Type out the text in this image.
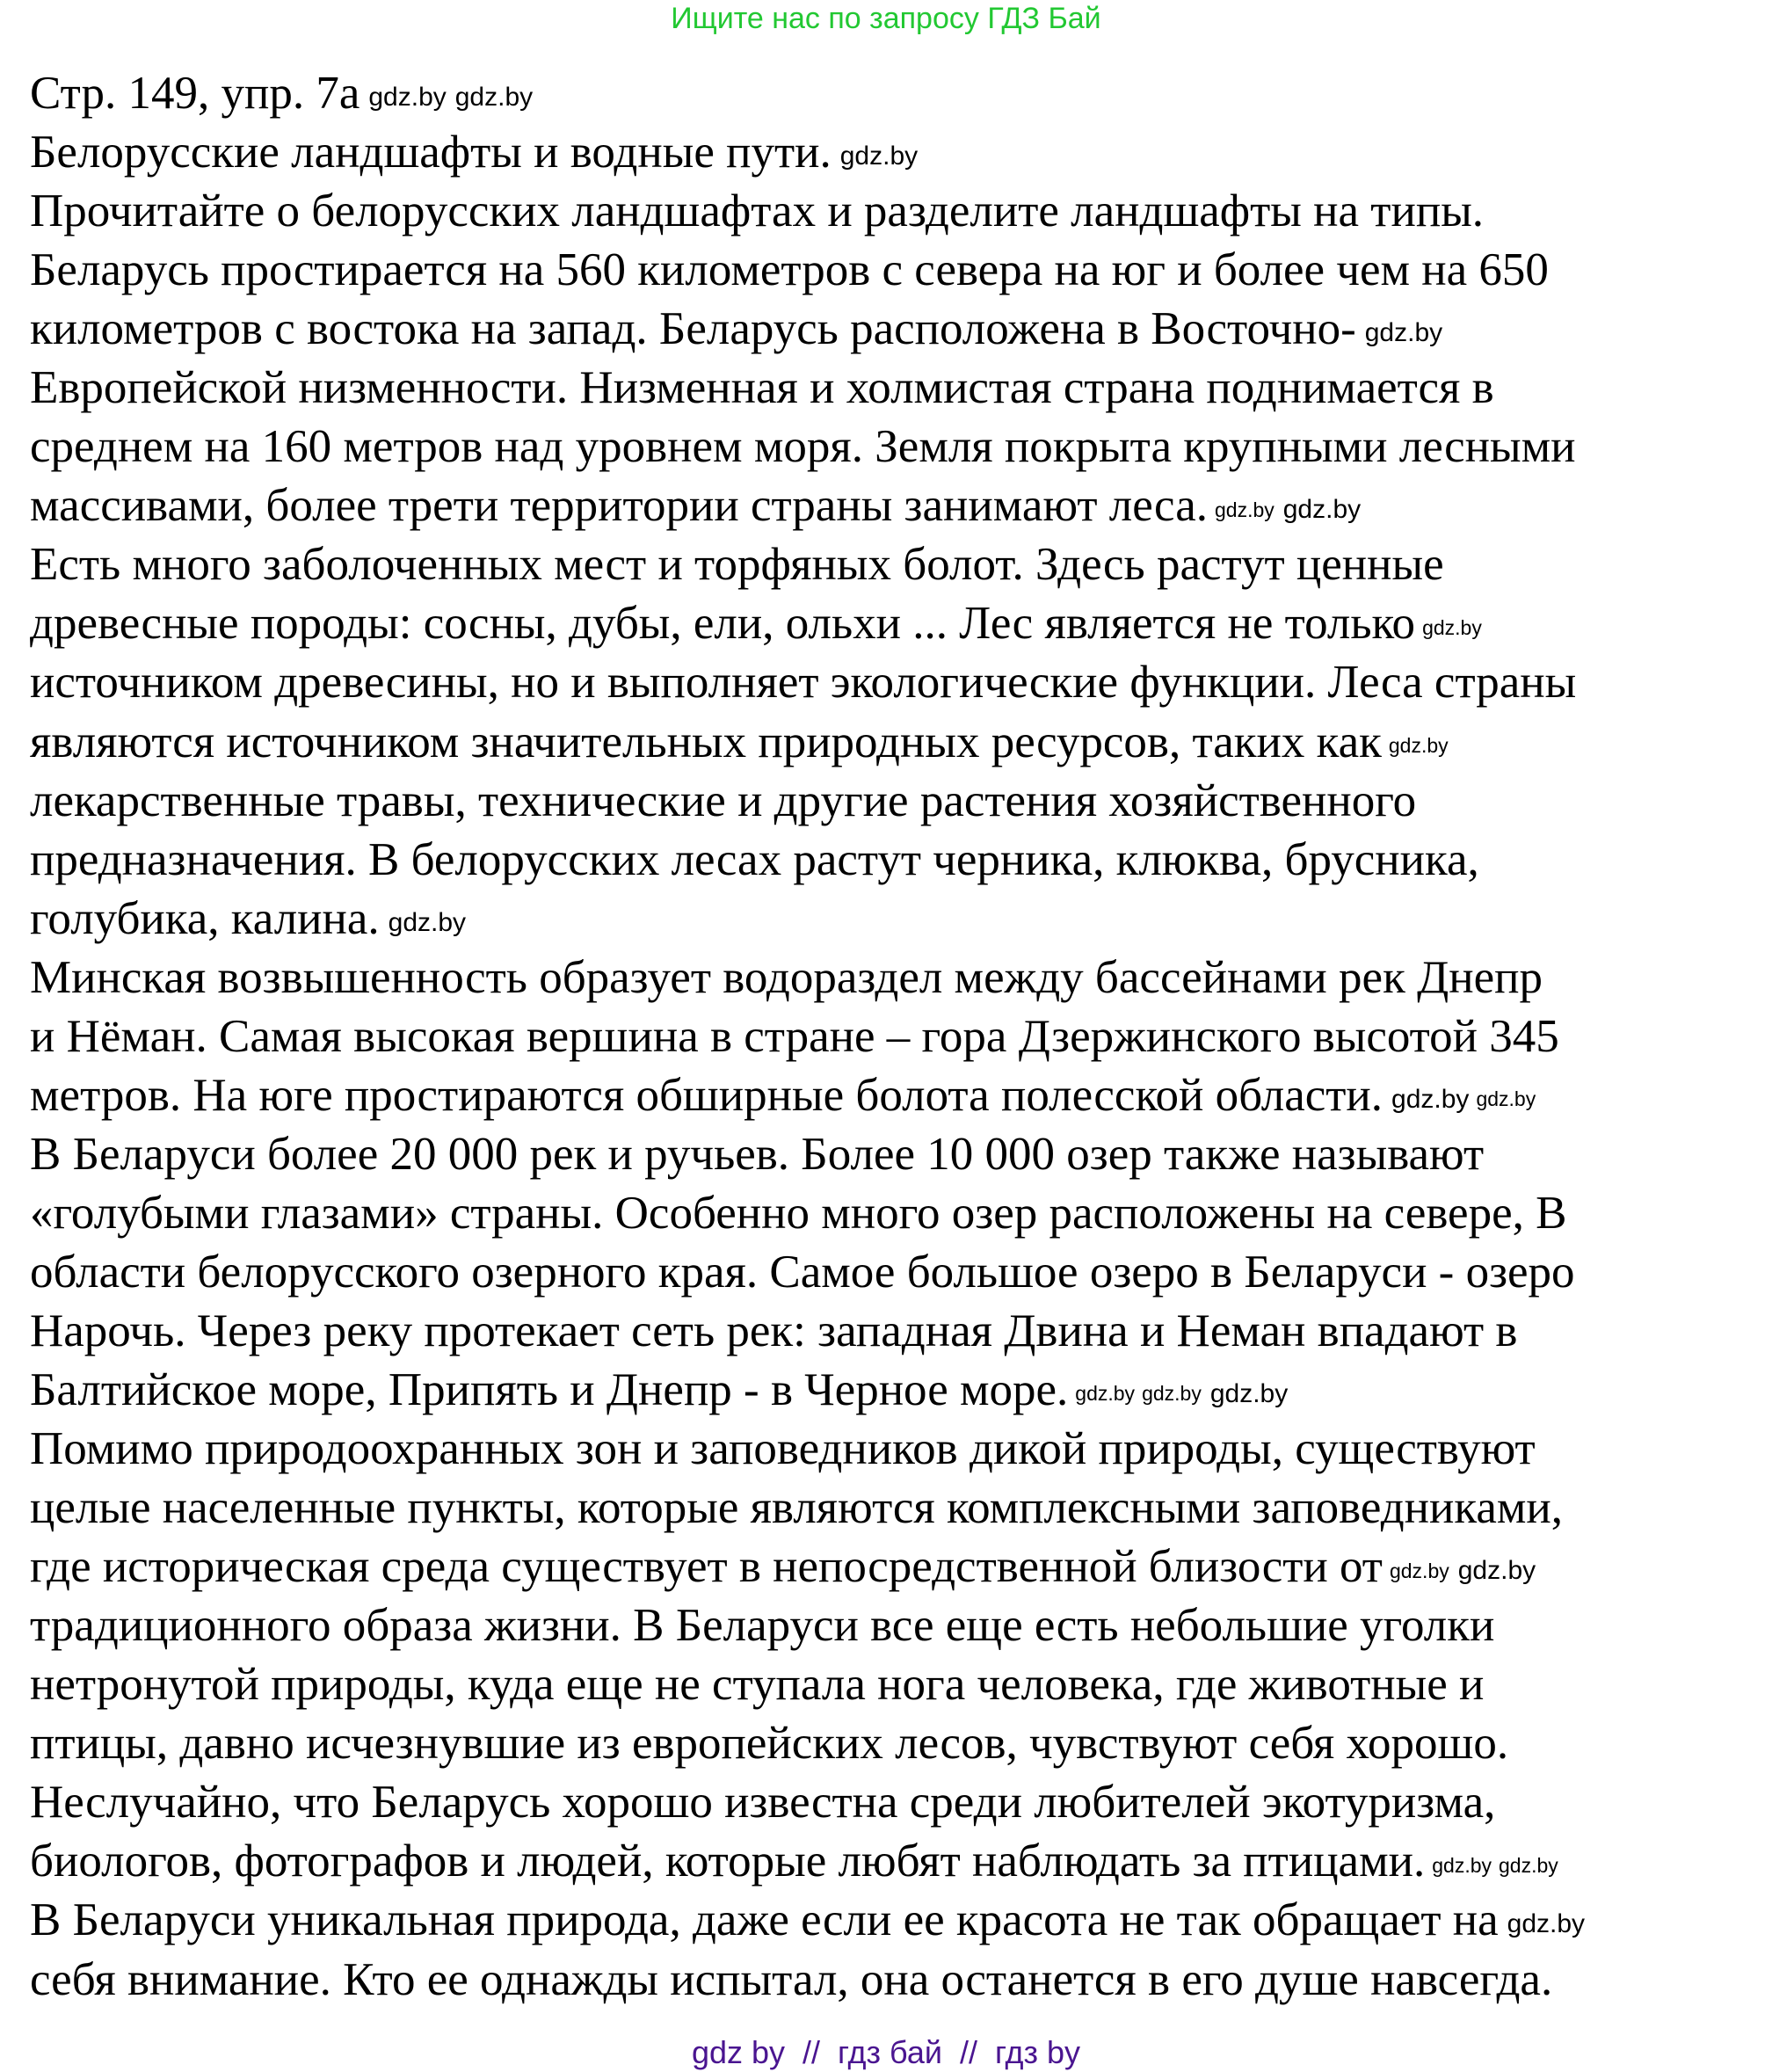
Ищите нас по запросу ГДЗ Бай
Стр. 149, упр. 7а gdz.by gdz.by
Белорусские ландшафты и водные пути. gdz.by
Прочитайте о белорусских ландшафтах и разделите ландшафты на типы.
Беларусь простирается на 560 километров с севера на юг и более чем на 650
километров с востока на запад. Беларусь расположена в Восточно- gdz.by
Европейской низменности. Низменная и холмистая страна поднимается в
среднем на 160 метров над уровнем моря. Земля покрыта крупными лесными
массивами, более трети территории страны занимают леса. gdz.by gdz.by
Есть много заболоченных мест и торфяных болот. Здесь растут ценные
древесные породы: сосны, дубы, ели, ольхи ... Лес является не только gdz.by
источником древесины, но и выполняет экологические функции. Леса страны
являются источником значительных природных ресурсов, таких как gdz.by
лекарственные травы, технические и другие растения хозяйственного
предназначения. В белорусских лесах растут черника, клюква, брусника,
голубика, калина. gdz.by
Минская возвышенность образует водораздел между бассейнами рек Днепр
и Нёман. Самая высокая вершина в стране – гора Дзержинского высотой 345
метров. На юге простираются обширные болота полесской области. gdz.by gdz.by
В Беларуси более 20 000 рек и ручьев. Более 10 000 озер также называют
«голубыми глазами» страны. Особенно много озер расположены на севере, В
области белорусского озерного края. Самое большое озеро в Беларуси - озеро
Нарочь. Через реку протекает сеть рек: западная Двина и Неман впадают в
Балтийское море, Припять и Днепр - в Черное море. gdz.by gdz.by gdz.by
Помимо природоохранных зон и заповедников дикой природы, существуют
целые населенные пункты, которые являются комплексными заповедниками,
где историческая среда существует в непосредственной близости от gdz.by gdz.by
традиционного образа жизни. В Беларуси все еще есть небольшие уголки
нетронутой природы, куда еще не ступала нога человека, где животные и
птицы, давно исчезнувшие из европейских лесов, чувствуют себя хорошо.
Неслучайно, что Беларусь хорошо известна среди любителей экотуризма,
биологов, фотографов и людей, которые любят наблюдать за птицами. gdz.by gdz.by
В Беларуси уникальная природа, даже если ее красота не так обращает на gdz.by
себя внимание. Кто ее однажды испытал, она останется в его душе навсегда.
gdz by  //  гдз бай  //  гдз by
